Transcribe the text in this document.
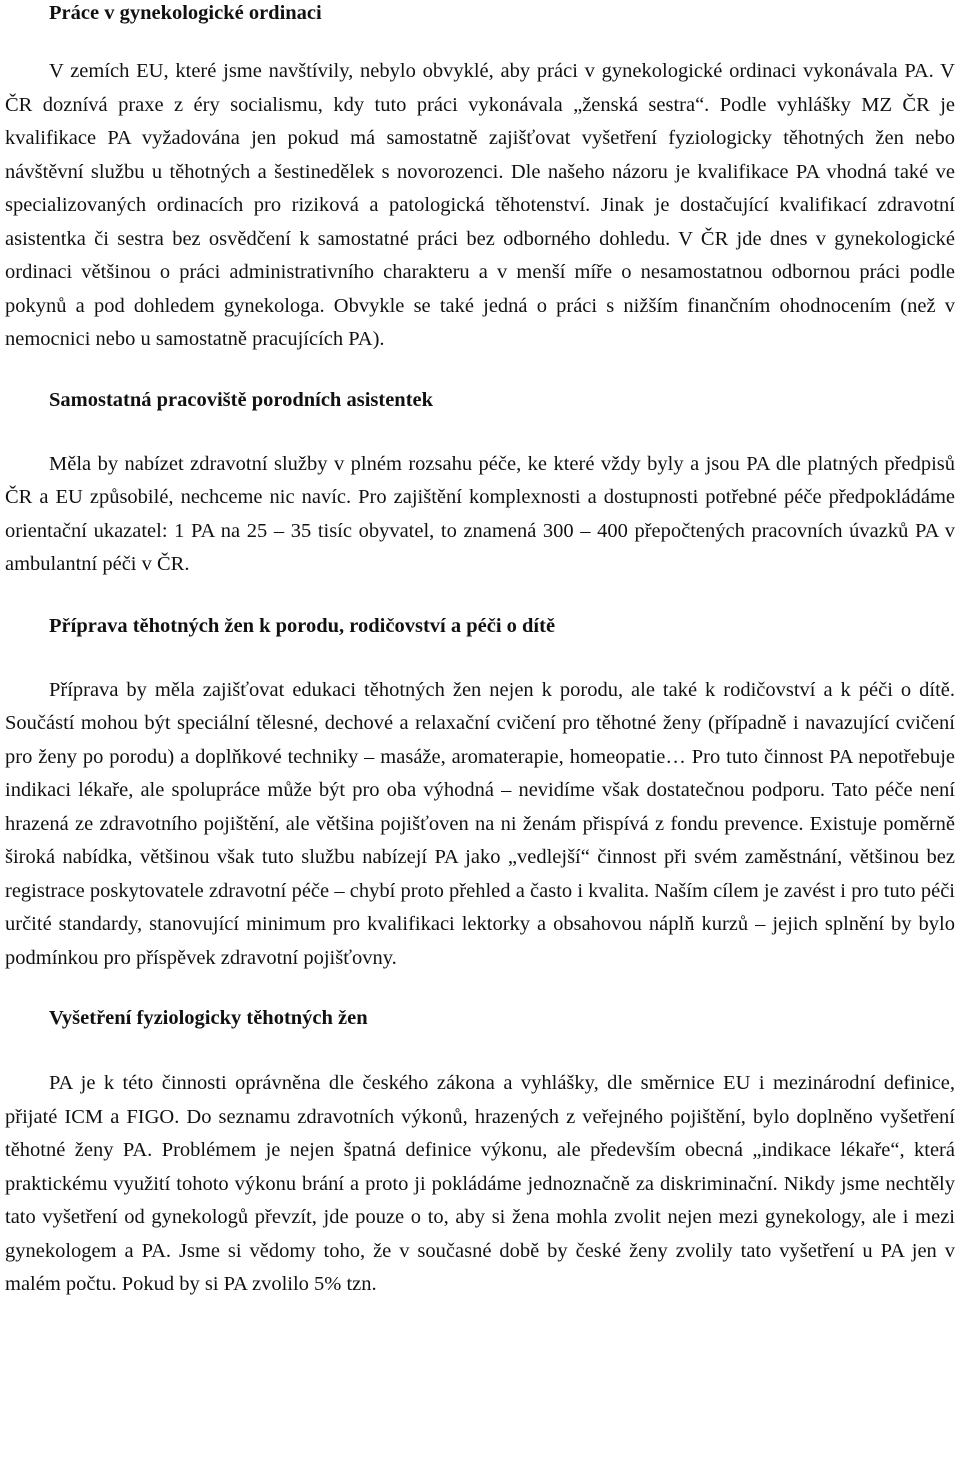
Práce v gynekologické ordinaci

V zemích EU, které jsme navštívily, nebylo obvyklé, aby práci v gynekologické ordinaci vykonávala PA. V ČR doznívá praxe z éry socialismu, kdy tuto práci vykonávala „ženská sestra“. Podle vyhlášky MZ ČR je kvalifikace PA vyžadována jen pokud má samostatně zajišťovat vyšetření fyziologicky těhotných žen nebo návštěvní službu u těhotných a šestinedělek s novorozenci. Dle našeho názoru je kvalifikace PA vhodná také ve specializovaných ordinacích pro riziková a patologická těhotenství. Jinak je dostačující kvalifikací zdravotní asistentka či sestra bez osvědčení k samostatné práci bez odborného dohledu. V ČR jde dnes v gynekologické ordinaci většinou o práci administrativního charakteru a v menší míře o nesamostatnou odbornou práci podle pokynů a pod dohledem gynekologa. Obvykle se také jedná o práci s nižším finančním ohodnocením (než v nemocnici nebo u samostatně pracujících PA).

Samostatná pracoviště porodních asistentek

Měla by nabízet zdravotní služby v plném rozsahu péče, ke které vždy byly a jsou PA dle platných předpisů ČR a EU způsobilé, nechceme nic navíc. Pro zajištění komplexnosti a dostupnosti potřebné péče předpokládáme orientační ukazatel: 1 PA na 25 – 35 tisíc obyvatel, to znamená 300 – 400 přepočtených pracovních úvazků PA v ambulantní péči v ČR.

Příprava těhotných žen k porodu, rodičovství a péči o dítě

Příprava by měla zajišťovat edukaci těhotných žen nejen k porodu, ale také k rodičovství a k péči o dítě. Součástí mohou být speciální tělesné, dechové a relaxační cvičení pro těhotné ženy (případně i navazující cvičení pro ženy po porodu) a doplňkové techniky – masáže, aromaterapie, homeopatie… Pro tuto činnost PA nepotřebuje indikaci lékaře, ale spolupráce může být pro oba výhodná – nevidíme však dostatečnou podporu. Tato péče není hrazená ze zdravotního pojištění, ale většina pojišťoven na ni ženám přispívá z fondu prevence. Existuje poměrně široká nabídka, většinou však tuto službu nabízejí PA jako „vedlejší“ činnost při svém zaměstnání, většinou bez registrace poskytovatele zdravotní péče – chybí proto přehled a často i kvalita. Naším cílem je zavést i pro tuto péči určité standardy, stanovující minimum pro kvalifikaci lektorky a obsahovou náplň kurzů – jejich splnění by bylo podmínkou pro příspěvek zdravotní pojišťovny.

Vyšetření fyziologicky těhotných žen

PA je k této činnosti oprávněna dle českého zákona a vyhlášky, dle směrnice EU i mezinárodní definice, přijaté ICM a FIGO. Do seznamu zdravotních výkonů, hrazených z veřejného pojištění, bylo doplněno vyšetření těhotné ženy PA. Problémem je nejen špatná definice výkonu, ale především obecná „indikace lékaře“, která praktickému využití tohoto výkonu brání a proto ji pokládáme jednoznačně za diskriminační. Nikdy jsme nechtěly tato vyšetření od gynekologů převzít, jde pouze o to, aby si žena mohla zvolit nejen mezi gynekology, ale i mezi gynekologem a PA. Jsme si vědomy toho, že v současné době by české ženy zvolily tato vyšetření u PA jen v malém počtu. Pokud by si PA zvolilo 5% tzn.
